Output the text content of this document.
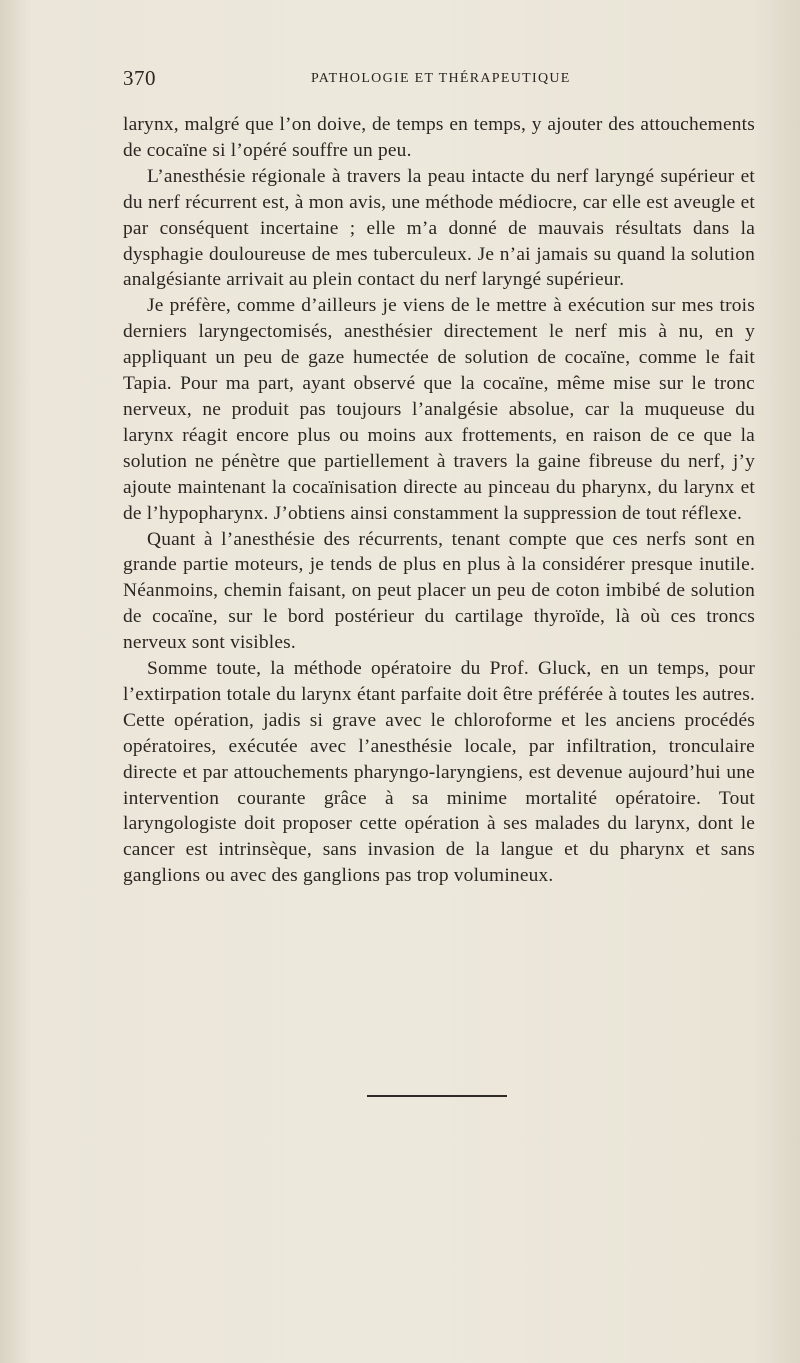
370	PATHOLOGIE ET THÉRAPEUTIQUE

larynx, malgré que l’on doive, de temps en temps, y ajouter des attouchements de cocaïne si l’opéré souffre un peu.

L’anesthésie régionale à travers la peau intacte du nerf laryngé supérieur et du nerf récurrent est, à mon avis, une méthode médiocre, car elle est aveugle et par conséquent incertaine ; elle m’a donné de mauvais résultats dans la dysphagie douloureuse de mes tuberculeux. Je n’ai jamais su quand la solution analgésiante arrivait au plein contact du nerf laryngé supérieur.

Je préfère, comme d’ailleurs je viens de le mettre à exécution sur mes trois derniers laryngectomisés, anesthésier directement le nerf mis à nu, en y appliquant un peu de gaze humectée de solution de cocaïne, comme le fait Tapia. Pour ma part, ayant observé que la cocaïne, même mise sur le tronc nerveux, ne produit pas toujours l’analgésie absolue, car la muqueuse du larynx réagit encore plus ou moins aux frottements, en raison de ce que la solution ne pénètre que partiellement à travers la gaine fibreuse du nerf, j’y ajoute maintenant la cocaïnisation directe au pinceau du pharynx, du larynx et de l’hypopharynx. J’obtiens ainsi constamment la suppression de tout réflexe.

Quant à l’anesthésie des récurrents, tenant compte que ces nerfs sont en grande partie moteurs, je tends de plus en plus à la considérer presque inutile. Néanmoins, chemin faisant, on peut placer un peu de coton imbibé de solution de cocaïne, sur le bord postérieur du cartilage thyroïde, là où ces troncs nerveux sont visibles.

Somme toute, la méthode opératoire du Prof. Gluck, en un temps, pour l’extirpation totale du larynx étant parfaite doit être préférée à toutes les autres. Cette opération, jadis si grave avec le chloroforme et les anciens procédés opératoires, exécutée avec l’anesthésie locale, par infiltration, tronculaire directe et par attouchements pharyngo-laryngiens, est devenue aujourd’hui une intervention courante grâce à sa minime mortalité opératoire. Tout laryngologiste doit proposer cette opération à ses malades du larynx, dont le cancer est intrinsèque, sans invasion de la langue et du pharynx et sans ganglions ou avec des ganglions pas trop volumineux.
